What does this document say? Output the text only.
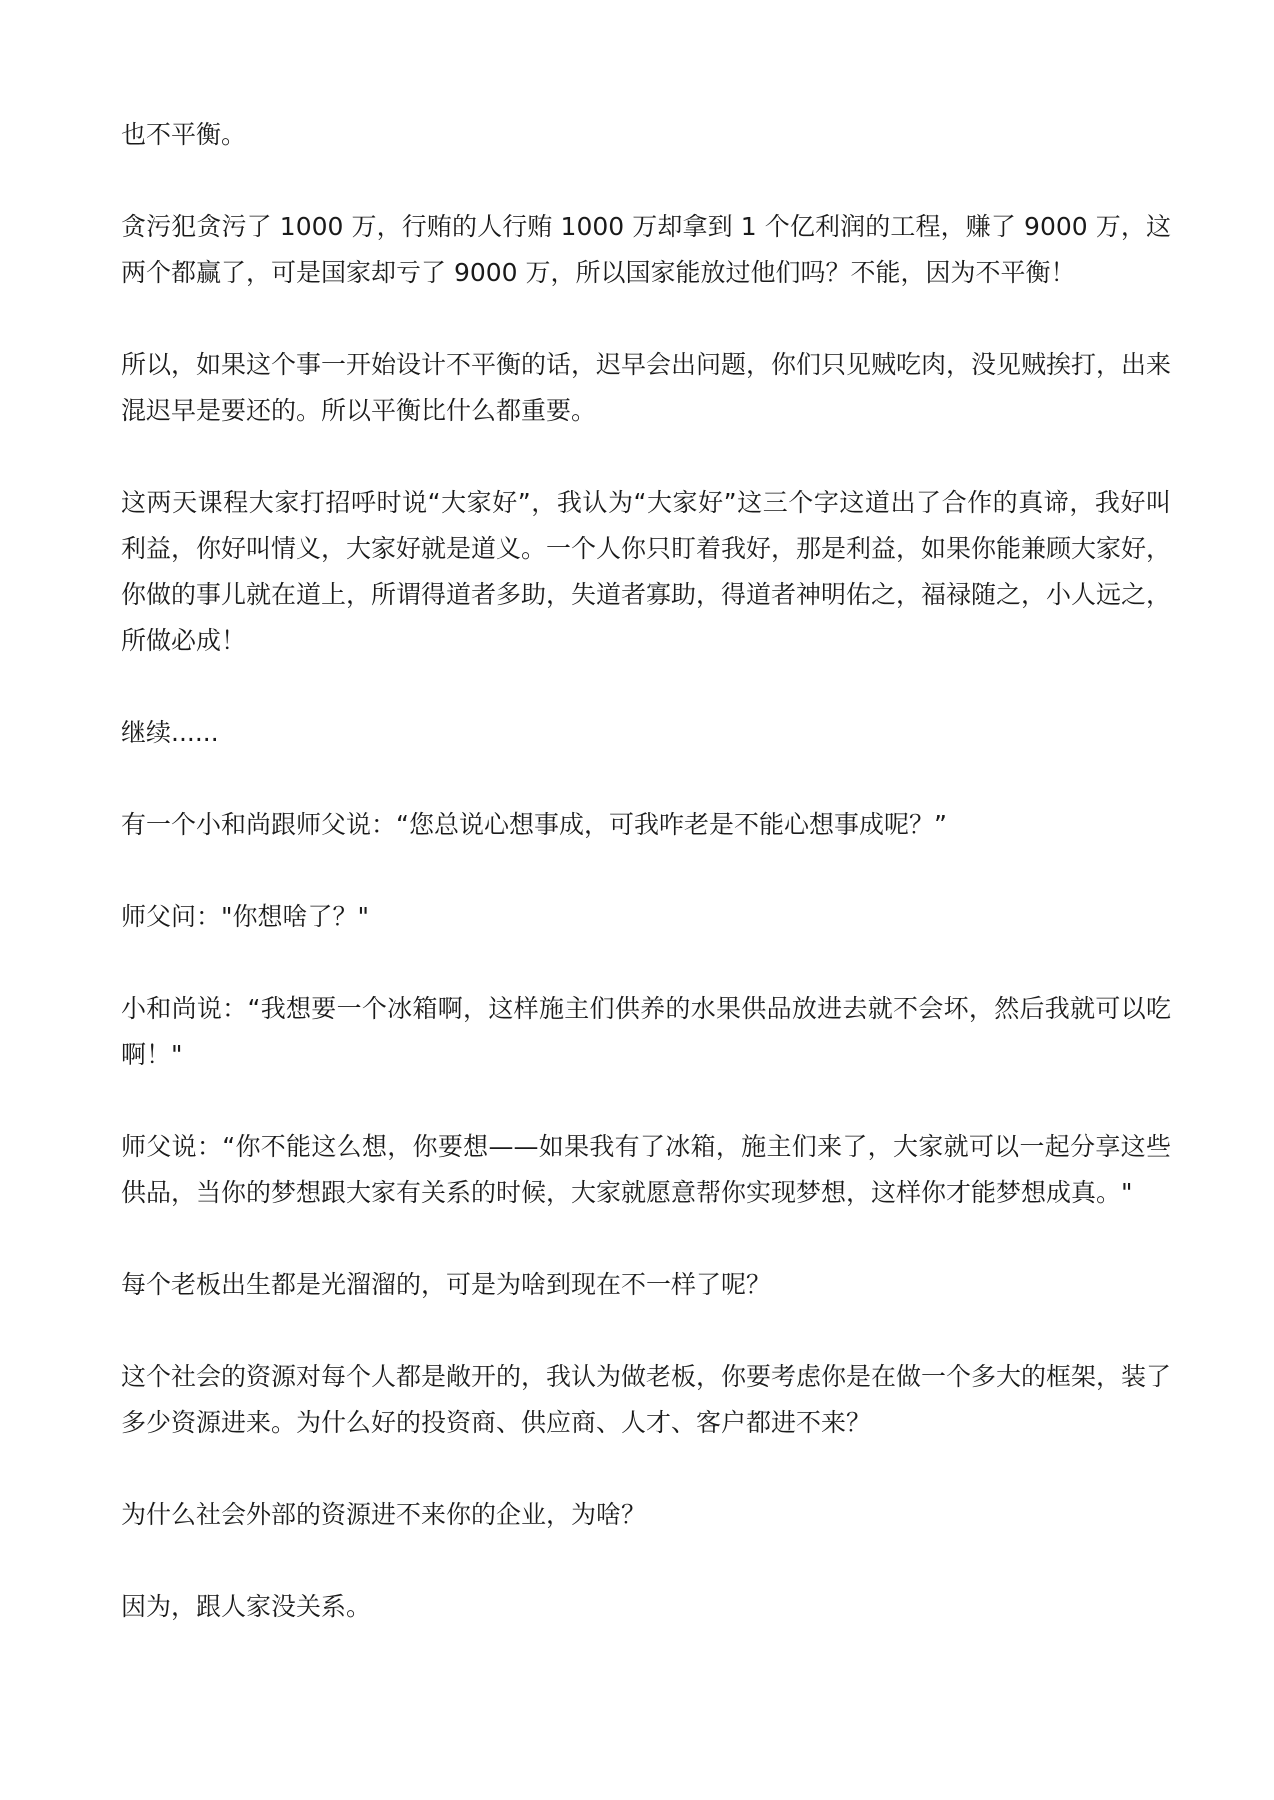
也不平衡。

贪污犯贪污了 1000 万，行贿的人行贿 1000 万却拿到 1 个亿利润的工程，赚了 9000 万，这两个都赢了，可是国家却亏了 9000 万，所以国家能放过他们吗？不能，因为不平衡！

所以，如果这个事一开始设计不平衡的话，迟早会出问题，你们只见贼吃肉，没见贼挨打，出来混迟早是要还的。所以平衡比什么都重要。

这两天课程大家打招呼时说“大家好”，我认为“大家好”这三个字这道出了合作的真谛，我好叫利益，你好叫情义，大家好就是道义。一个人你只盯着我好，那是利益，如果你能兼顾大家好，你做的事儿就在道上，所谓得道者多助，失道者寡助，得道者神明佑之，福禄随之，小人远之，所做必成！

继续......

有一个小和尚跟师父说：“您总说心想事成，可我咋老是不能心想事成呢？”

师父问："你想啥了？"

小和尚说：“我想要一个冰箱啊，这样施主们供养的水果供品放进去就不会坏，然后我就可以吃啊！"

师父说：“你不能这么想，你要想——如果我有了冰箱，施主们来了，大家就可以一起分享这些供品，当你的梦想跟大家有关系的时候，大家就愿意帮你实现梦想，这样你才能梦想成真。"

每个老板出生都是光溜溜的，可是为啥到现在不一样了呢？

这个社会的资源对每个人都是敞开的，我认为做老板，你要考虑你是在做一个多大的框架，装了多少资源进来。为什么好的投资商、供应商、人才、客户都进不来？

为什么社会外部的资源进不来你的企业，为啥？

因为，跟人家没关系。
